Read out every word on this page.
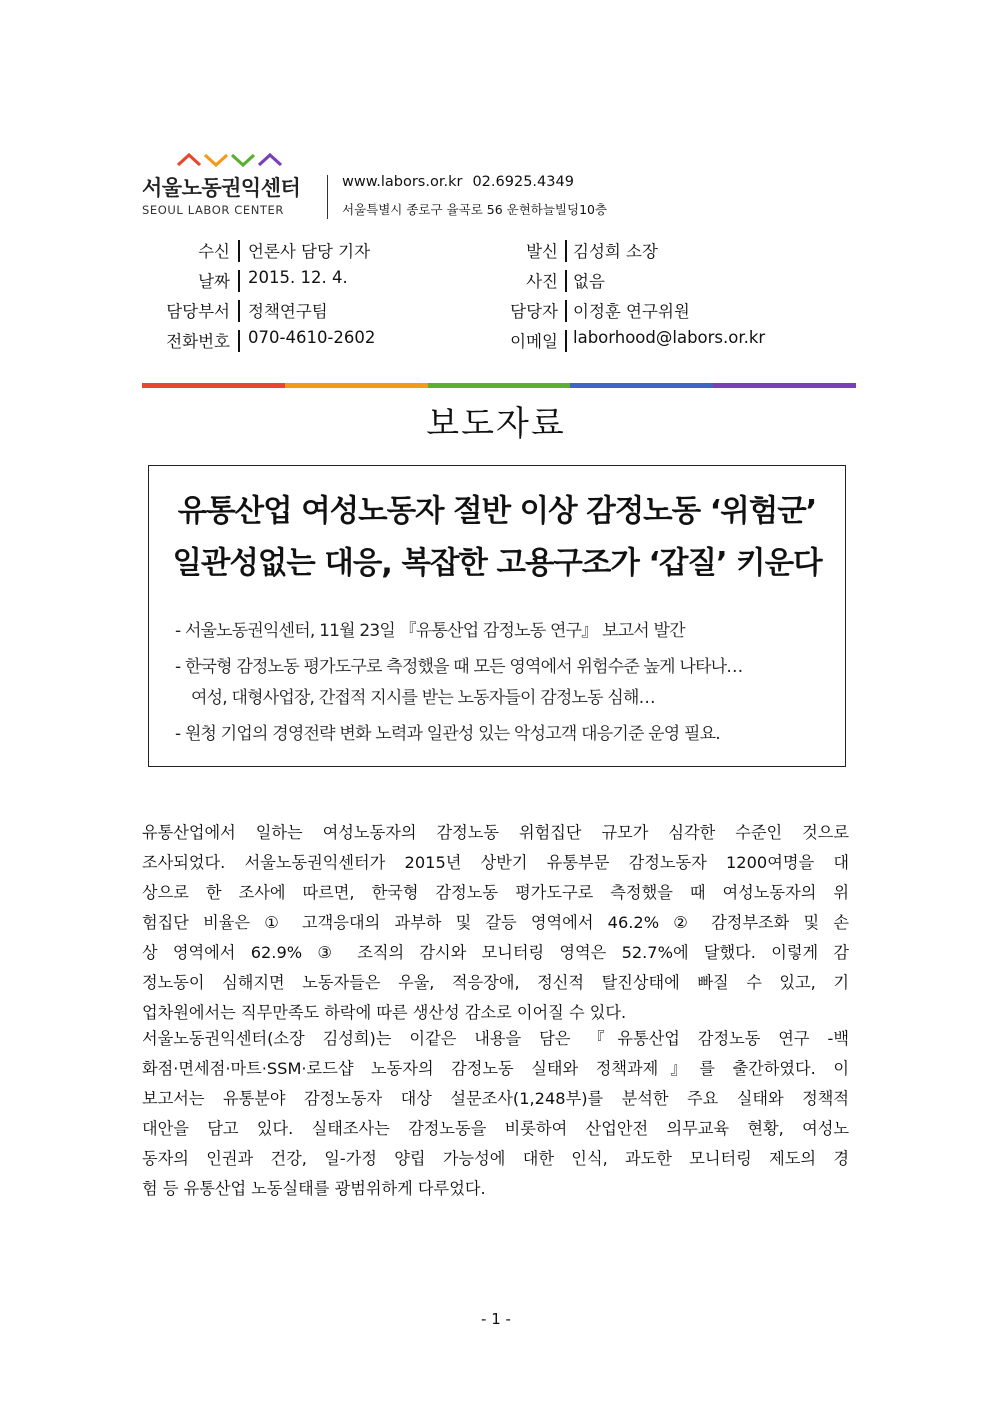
서울노동권익센터
SEOUL LABOR CENTER
www.labors.or.kr 02.6925.4349
서울특별시 종로구 율곡로 56 운현하늘빌딩10층
수신 언론사 담당 기자	발신 김성희 소장
날짜 2015. 12. 4.	사진 없음
담당부서 정책연구팀	담당자 이정훈 연구위원
전화번호 070-4610-2602	이메일 laborhood@labors.or.kr
보도자료
유통산업 여성노동자 절반 이상 감정노동 ‘위험군’
일관성없는 대응, 복잡한 고용구조가 ‘갑질’ 키운다
- 서울노동권익센터, 11월 23일 『유통산업 감정노동 연구』 보고서 발간
- 한국형 감정노동 평가도구로 측정했을 때 모든 영역에서 위험수준 높게 나타나…
여성, 대형사업장, 간접적 지시를 받는 노동자들이 감정노동 심해…
- 원청 기업의 경영전략 변화 노력과 일관성 있는 악성고객 대응기준 운영 필요.
유통산업에서 일하는 여성노동자의 감정노동 위험집단 규모가 심각한 수준인 것으로
조사되었다. 서울노동권익센터가 2015년 상반기 유통부문 감정노동자 1200여명을 대
상으로 한 조사에 따르면, 한국형 감정노동 평가도구로 측정했을 때 여성노동자의 위
험집단 비율은 ① 고객응대의 과부하 및 갈등 영역에서 46.2% ② 감정부조화 및 손
상 영역에서 62.9% ③ 조직의 감시와 모니터링 영역은 52.7%에 달했다. 이렇게 감
정노동이 심해지면 노동자들은 우울, 적응장애, 정신적 탈진상태에 빠질 수 있고, 기
업차원에서는 직무만족도 하락에 따른 생산성 감소로 이어질 수 있다.
서울노동권익센터(소장 김성희)는 이같은 내용을 담은 『유통산업 감정노동 연구 -백
화점·면세점·마트·SSM·로드샵 노동자의 감정노동 실태와 정책과제』를 출간하였다. 이
보고서는 유통분야 감정노동자 대상 설문조사(1,248부)를 분석한 주요 실태와 정책적
대안을 담고 있다. 실태조사는 감정노동을 비롯하여 산업안전 의무교육 현황, 여성노
동자의 인권과 건강, 일-가정 양립 가능성에 대한 인식, 과도한 모니터링 제도의 경
험 등 유통산업 노동실태를 광범위하게 다루었다.
- 1 -
